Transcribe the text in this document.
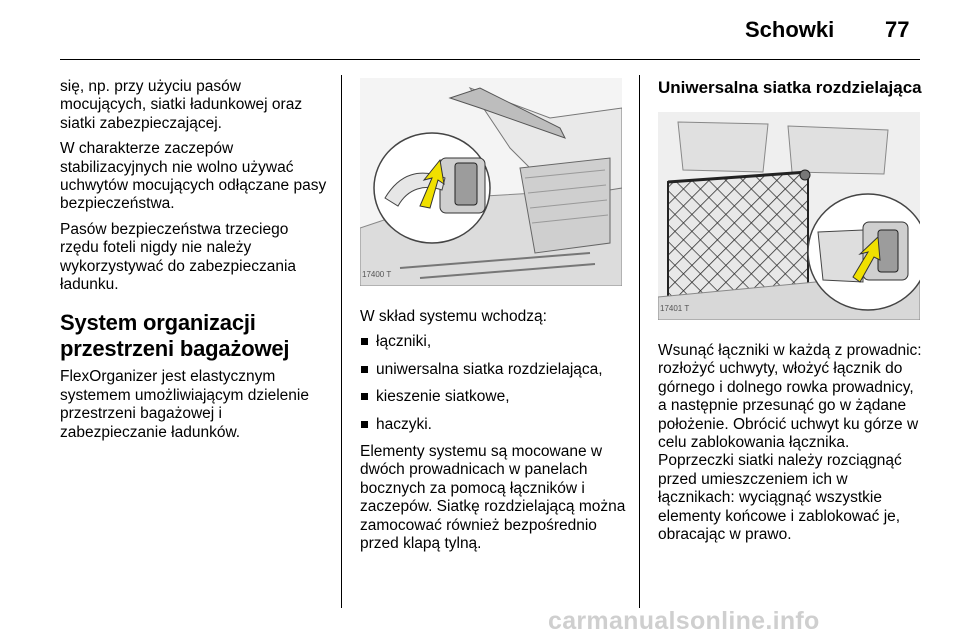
Schowki 77

się, np. przy użyciu pasów mocujących, siatki ładunkowej oraz siatki zabezpieczającej.

W charakterze zaczepów stabilizacyjnych nie wolno używać uchwytów mocujących odłączane pasy bezpieczeństwa.

Pasów bezpieczeństwa trzeciego rzędu foteli nigdy nie należy wykorzystywać do zabezpieczania ładunku.

System organizacji przestrzeni bagażowej

FlexOrganizer jest elastycznym systemem umożliwiającym dzielenie przestrzeni bagażowej i zabezpieczanie ładunków.

17400 T

W skład systemu wchodzą:

łączniki,
uniwersalna siatka rozdzielająca,
kieszenie siatkowe,
haczyki.

Elementy systemu są mocowane w dwóch prowadnicach w panelach bocznych za pomocą łączników i zaczepów. Siatkę rozdzielającą można zamocować również bezpośrednio przed klapą tylną.

Uniwersalna siatka rozdzielająca
17401 T

Wsunąć łączniki w każdą z prowadnic: rozłożyć uchwyty, włożyć łącznik do górnego i dolnego rowka prowadnicy, a następnie przesunąć go w żądane położenie. Obrócić uchwyt ku górze w celu zablokowania łącznika. Poprzeczki siatki należy rozciągnąć przed umieszczeniem ich w łącznikach: wyciągnąć wszystkie elementy końcowe i zablokować je, obracając w prawo.

carmanualsonline.info
